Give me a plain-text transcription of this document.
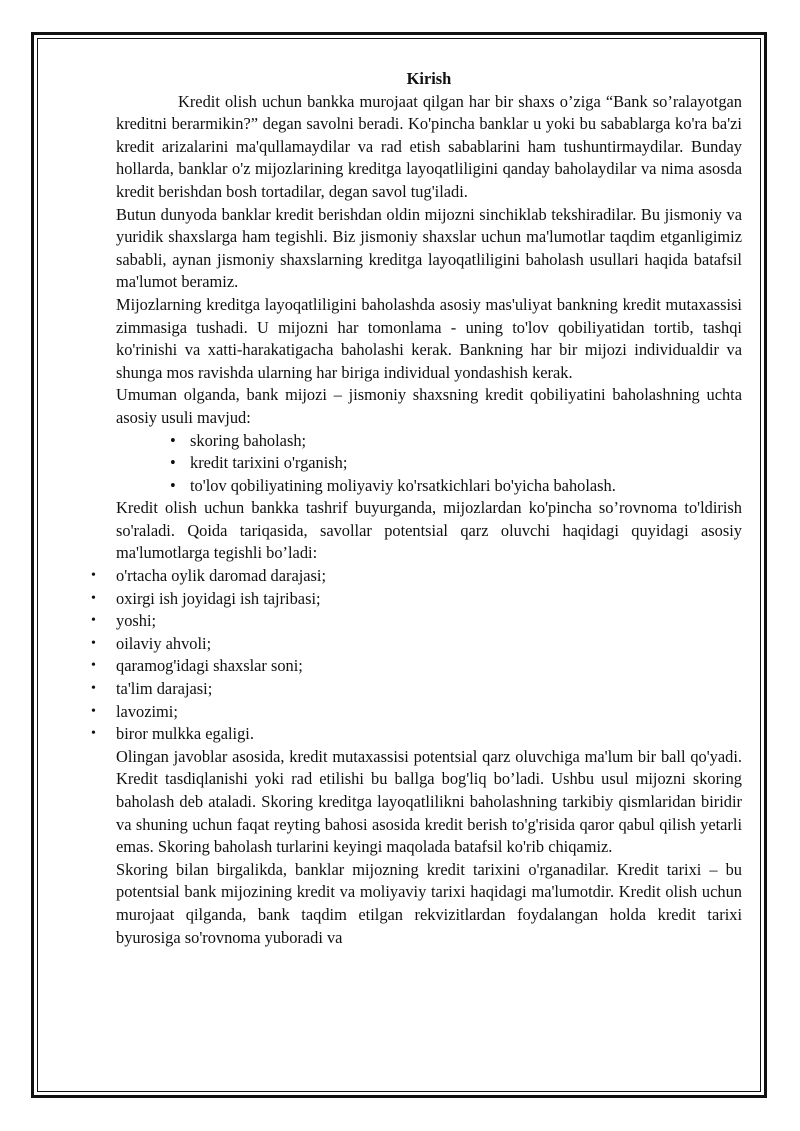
Kirish

Kredit olish uchun bankka murojaat qilgan har bir shaxs o’ziga “Bank so’ralayotgan kreditni berarmikin?” degan savolni beradi. Ko'pincha banklar u yoki bu sabablarga ko'ra ba'zi kredit arizalarini ma'qullamaydilar va rad etish sabablarini ham tushuntirmaydilar. Bunday hollarda, banklar o'z mijozlarining kreditga layoqatliligini qanday baholaydilar va nima asosda kredit berishdan bosh tortadilar, degan savol tug'iladi.

Butun dunyoda banklar kredit berishdan oldin mijozni sinchiklab tekshiradilar. Bu jismoniy va yuridik shaxslarga ham tegishli. Biz jismoniy shaxslar uchun ma'lumotlar taqdim etganligimiz sababli, aynan jismoniy shaxslarning kreditga layoqatliligini baholash usullari haqida batafsil ma'lumot beramiz.

Mijozlarning kreditga layoqatliligini baholashda asosiy mas'uliyat bankning kredit mutaxassisi zimmasiga tushadi. U mijozni har tomonlama - uning to'lov qobiliyatidan tortib, tashqi ko'rinishi va xatti-harakatigacha baholashi kerak. Bankning har bir mijozi individualdir va shunga mos ravishda ularning har biriga individual yondashish kerak.

Umuman olganda, bank mijozi – jismoniy shaxsning kredit qobiliyatini baholashning uchta asosiy usuli mavjud:

• skoring baholash;
• kredit tarixini o'rganish;
• to'lov qobiliyatining moliyaviy ko'rsatkichlari bo'yicha baholash.

Kredit olish uchun bankka tashrif buyurganda, mijozlardan ko'pincha so’rovnoma to'ldirish so'raladi. Qoida tariqasida, savollar potentsial qarz oluvchi haqidagi quyidagi asosiy ma'lumotlarga tegishli bo’ladi:

• o'rtacha oylik daromad darajasi;
• oxirgi ish joyidagi ish tajribasi;
• yoshi;
• oilaviy ahvoli;
• qaramog'idagi shaxslar soni;
• ta'lim darajasi;
• lavozimi;
• biror mulkka egaligi.

Olingan javoblar asosida, kredit mutaxassisi potentsial qarz oluvchiga ma'lum bir ball qo'yadi. Kredit tasdiqlanishi yoki rad etilishi bu ballga bog'liq bo’ladi. Ushbu usul mijozni skoring baholash deb ataladi. Skoring kreditga layoqatlilikni baholashning tarkibiy qismlaridan biridir va shuning uchun faqat reyting bahosi asosida kredit berish to'g'risida qaror qabul qilish yetarli emas. Skoring baholash turlarini keyingi maqolada batafsil ko'rib chiqamiz.

Skoring bilan birgalikda, banklar mijozning kredit tarixini o'rganadilar. Kredit tarixi – bu potentsial bank mijozining kredit va moliyaviy tarixi haqidagi ma'lumotdir. Kredit olish uchun murojaat qilganda, bank taqdim etilgan rekvizitlardan foydalangan holda kredit tarixi byurosiga so'rovnoma yuboradi va
